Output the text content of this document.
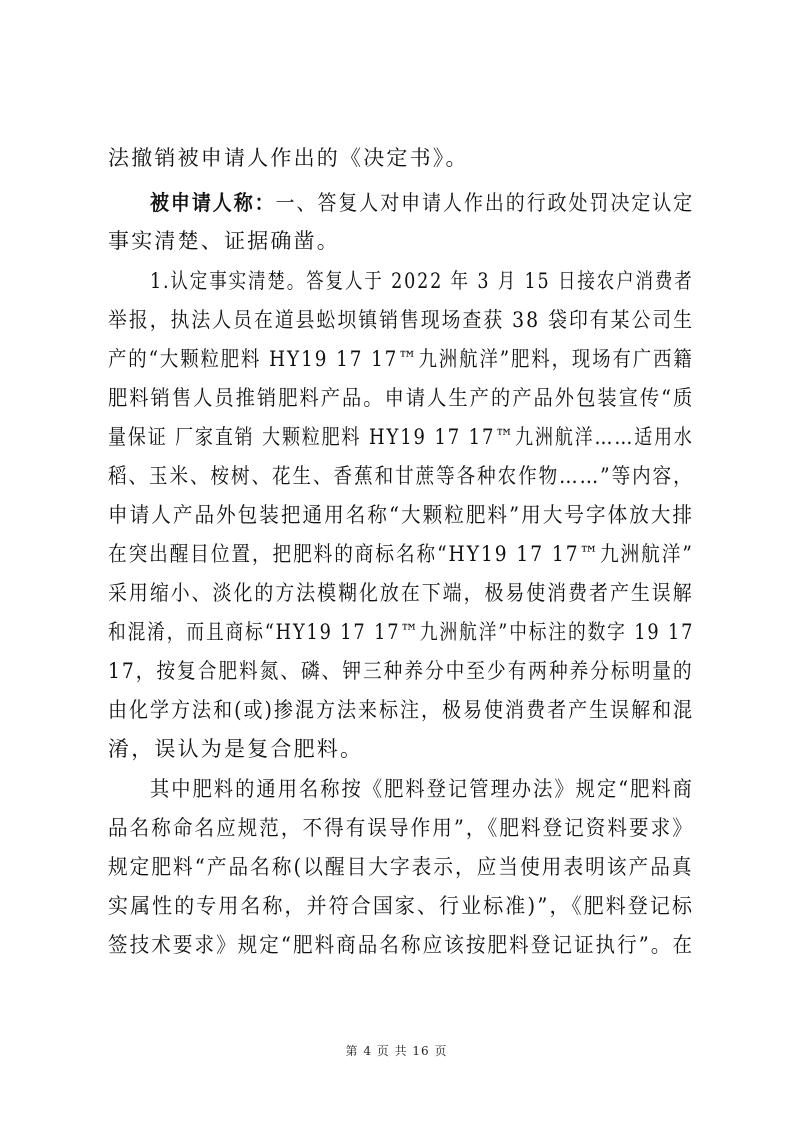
法撤销被申请人作出的《决定书》。
被申请人称：一、答复人对申请人作出的行政处罚决定认定
事实清楚、证据确凿。
1.认定事实清楚。答复人于 2022 年 3 月 15 日接农户消费者
举报，执法人员在道县蚣坝镇销售现场查获 38 袋印有某公司生
产的“大颗粒肥料 HY19 17 17™九洲航洋”肥料，现场有广西籍
肥料销售人员推销肥料产品。申请人生产的产品外包装宣传“质
量保证 厂家直销 大颗粒肥料 HY19 17 17™九洲航洋……适用水
稻、玉米、桉树、花生、香蕉和甘蔗等各种农作物……”等内容，
申请人产品外包装把通用名称“大颗粒肥料”用大号字体放大排
在突出醒目位置，把肥料的商标名称“HY19 17 17™九洲航洋”
采用缩小、淡化的方法模糊化放在下端，极易使消费者产生误解
和混淆，而且商标“HY19 17 17™九洲航洋”中标注的数字 19 17
17，按复合肥料氮、磷、钾三种养分中至少有两种养分标明量的
由化学方法和(或)掺混方法来标注，极易使消费者产生误解和混
淆，误认为是复合肥料。
其中肥料的通用名称按《肥料登记管理办法》规定“肥料商
品名称命名应规范，不得有误导作用”，《肥料登记资料要求》
规定肥料“产品名称(以醒目大字表示，应当使用表明该产品真
实属性的专用名称，并符合国家、行业标准)”，《肥料登记标
签技术要求》规定“肥料商品名称应该按肥料登记证执行”。在
第 4 页 共 16 页
